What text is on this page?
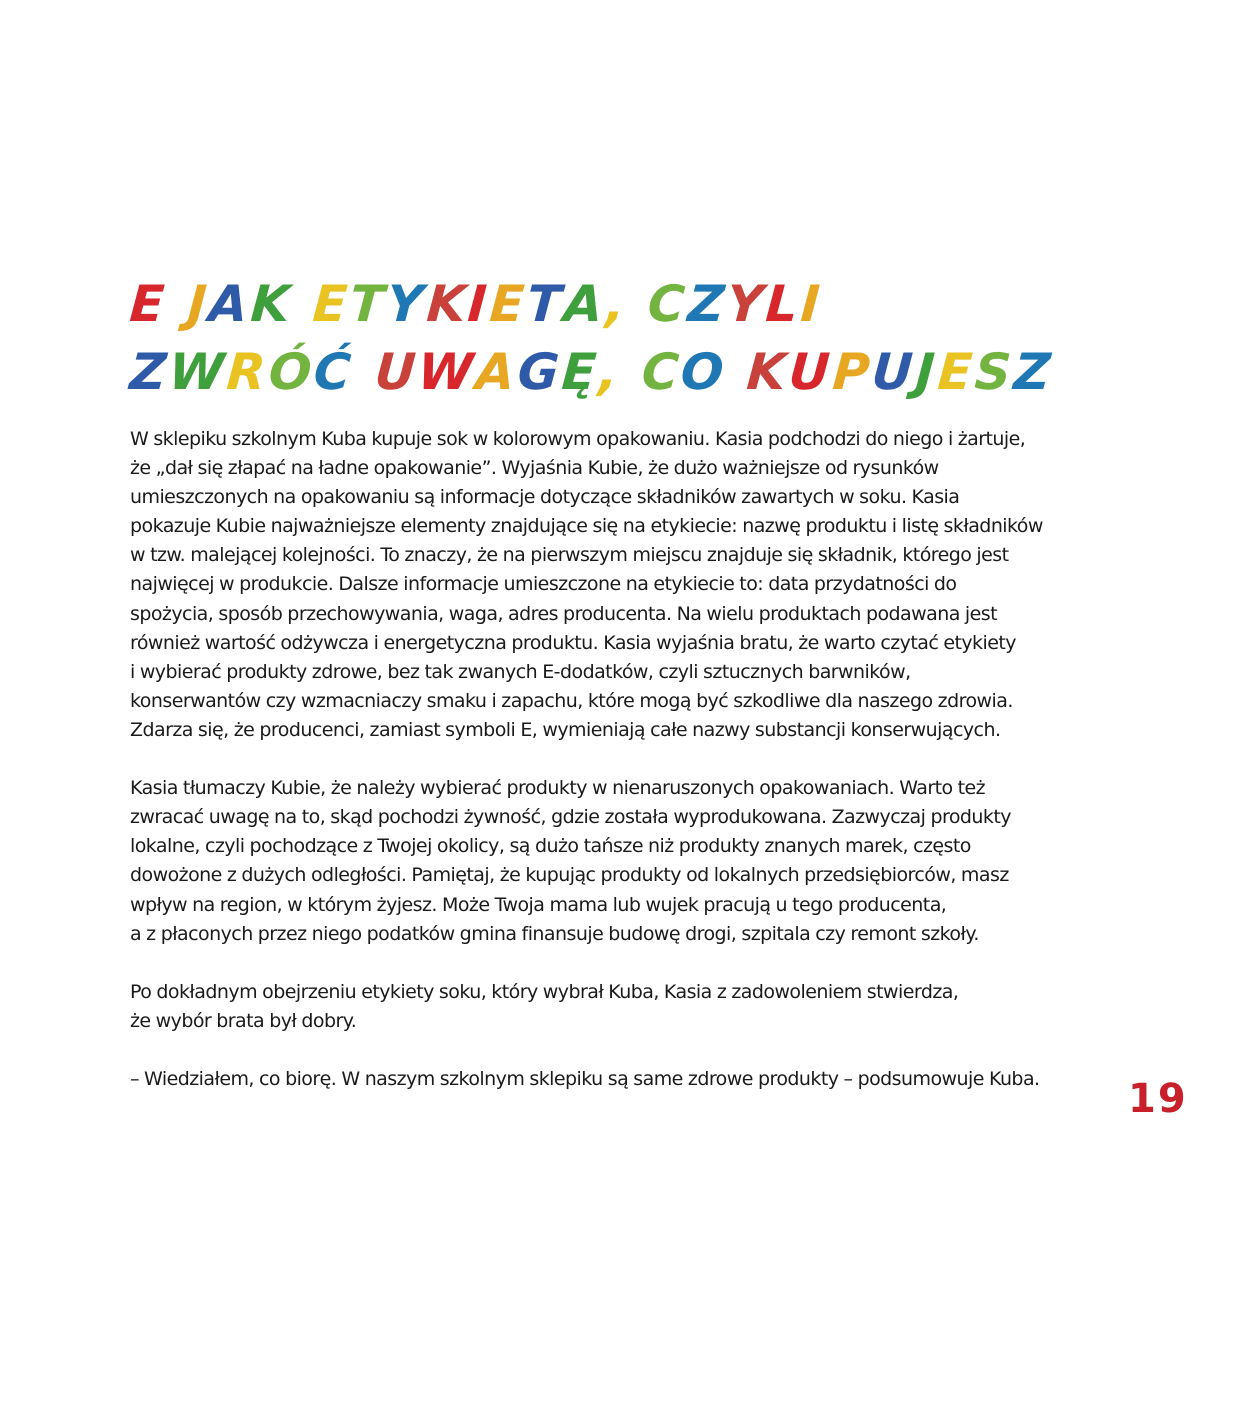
E JAK ETYKIETA, CZYLI
ZWRÓĆ UWAGĘ, CO KUPUJESZ

W sklepiku szkolnym Kuba kupuje sok w kolorowym opakowaniu. Kasia podchodzi do niego i żartuje,
że „dał się złapać na ładne opakowanie”. Wyjaśnia Kubie, że dużo ważniejsze od rysunków
umieszczonych na opakowaniu są informacje dotyczące składników zawartych w soku. Kasia
pokazuje Kubie najważniejsze elementy znajdujące się na etykiecie: nazwę produktu i listę składników
w tzw. malejącej kolejności. To znaczy, że na pierwszym miejscu znajduje się składnik, którego jest
najwięcej w produkcie. Dalsze informacje umieszczone na etykiecie to: data przydatności do
spożycia, sposób przechowywania, waga, adres producenta. Na wielu produktach podawana jest
również wartość odżywcza i energetyczna produktu. Kasia wyjaśnia bratu, że warto czytać etykiety
i wybierać produkty zdrowe, bez tak zwanych E-dodatków, czyli sztucznych barwników,
konserwantów czy wzmacniaczy smaku i zapachu, które mogą być szkodliwe dla naszego zdrowia.
Zdarza się, że producenci, zamiast symboli E, wymieniają całe nazwy substancji konserwujących.

Kasia tłumaczy Kubie, że należy wybierać produkty w nienaruszonych opakowaniach. Warto też
zwracać uwagę na to, skąd pochodzi żywność, gdzie została wyprodukowana. Zazwyczaj produkty
lokalne, czyli pochodzące z Twojej okolicy, są dużo tańsze niż produkty znanych marek, często
dowożone z dużych odległości. Pamiętaj, że kupując produkty od lokalnych przedsiębiorców, masz
wpływ na region, w którym żyjesz. Może Twoja mama lub wujek pracują u tego producenta,
a z płaconych przez niego podatków gmina finansuje budowę drogi, szpitala czy remont szkoły.

Po dokładnym obejrzeniu etykiety soku, który wybrał Kuba, Kasia z zadowoleniem stwierdza,
że wybór brata był dobry.

– Wiedziałem, co biorę. W naszym szkolnym sklepiku są same zdrowe produkty – podsumowuje Kuba. 19
